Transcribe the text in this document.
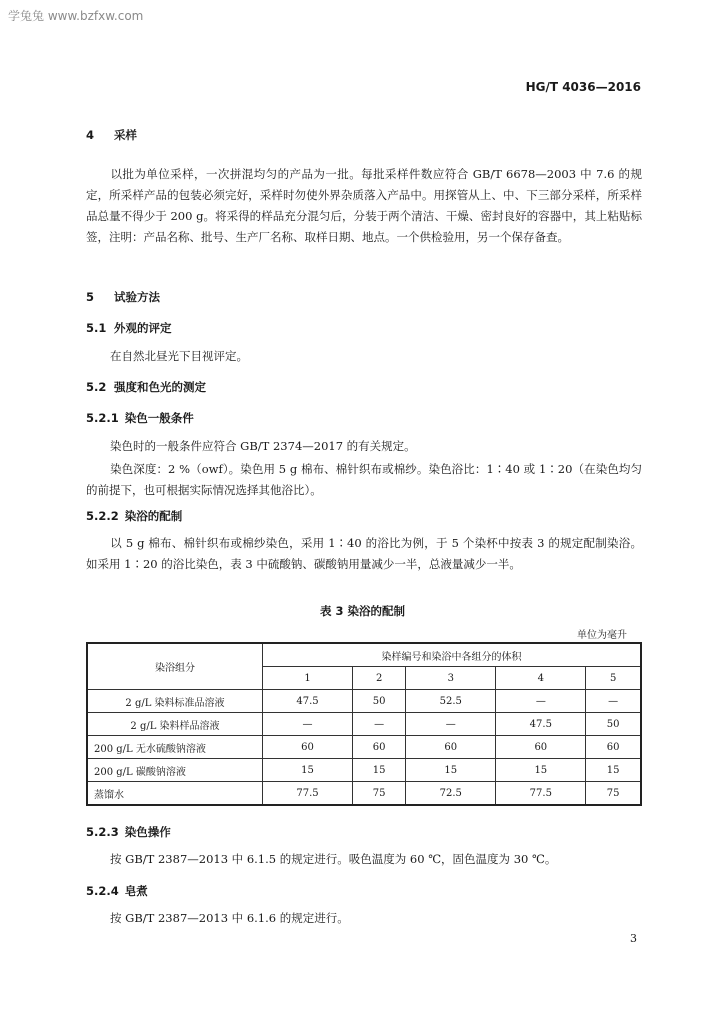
学兔兔 www.bzfxw.com
HG/T 4036—2016
4 采样
以批为单位采样，一次拼混均匀的产品为一批。每批采样件数应符合 GB/T 6678—2003 中 7.6 的规定，所采样产品的包装必须完好，采样时勿使外界杂质落入产品中。用探管从上、中、下三部分采样，所采样品总量不得少于 200 g。将采得的样品充分混匀后，分装于两个清洁、干燥、密封良好的容器中，其上粘贴标签，注明：产品名称、批号、生产厂名称、取样日期、地点。一个供检验用，另一个保存备查。
5 试验方法
5.1 外观的评定
在自然北昼光下目视评定。
5.2 强度和色光的测定
5.2.1 染色一般条件
染色时的一般条件应符合 GB/T 2374—2017 的有关规定。
染色深度：2 %（owf）。染色用 5 g 棉布、棉针织布或棉纱。染色浴比：1∶40 或 1∶20（在染色均匀的前提下，也可根据实际情况选择其他浴比）。
5.2.2 染浴的配制
以 5 g 棉布、棉针织布或棉纱染色，采用 1∶40 的浴比为例，于 5 个染杯中按表 3 的规定配制染浴。如采用 1∶20 的浴比染色，表 3 中硫酸钠、碳酸钠用量减少一半，总液量减少一半。
表 3 染浴的配制
单位为毫升
染浴组分	染样编号和染浴中各组分的体积				
	1	2	3	4	5
2 g/L 染料标准品溶液	47.5	50	52.5	—	—
2 g/L 染料样品溶液	—	—	—	47.5	50
200 g/L 无水硫酸钠溶液	60	60	60	60	60
200 g/L 碳酸钠溶液	15	15	15	15	15
蒸馏水	77.5	75	72.5	77.5	75
5.2.3 染色操作
按 GB/T 2387—2013 中 6.1.5 的规定进行。吸色温度为 60 ℃，固色温度为 30 ℃。
5.2.4 皂煮
按 GB/T 2387—2013 中 6.1.6 的规定进行。
3
